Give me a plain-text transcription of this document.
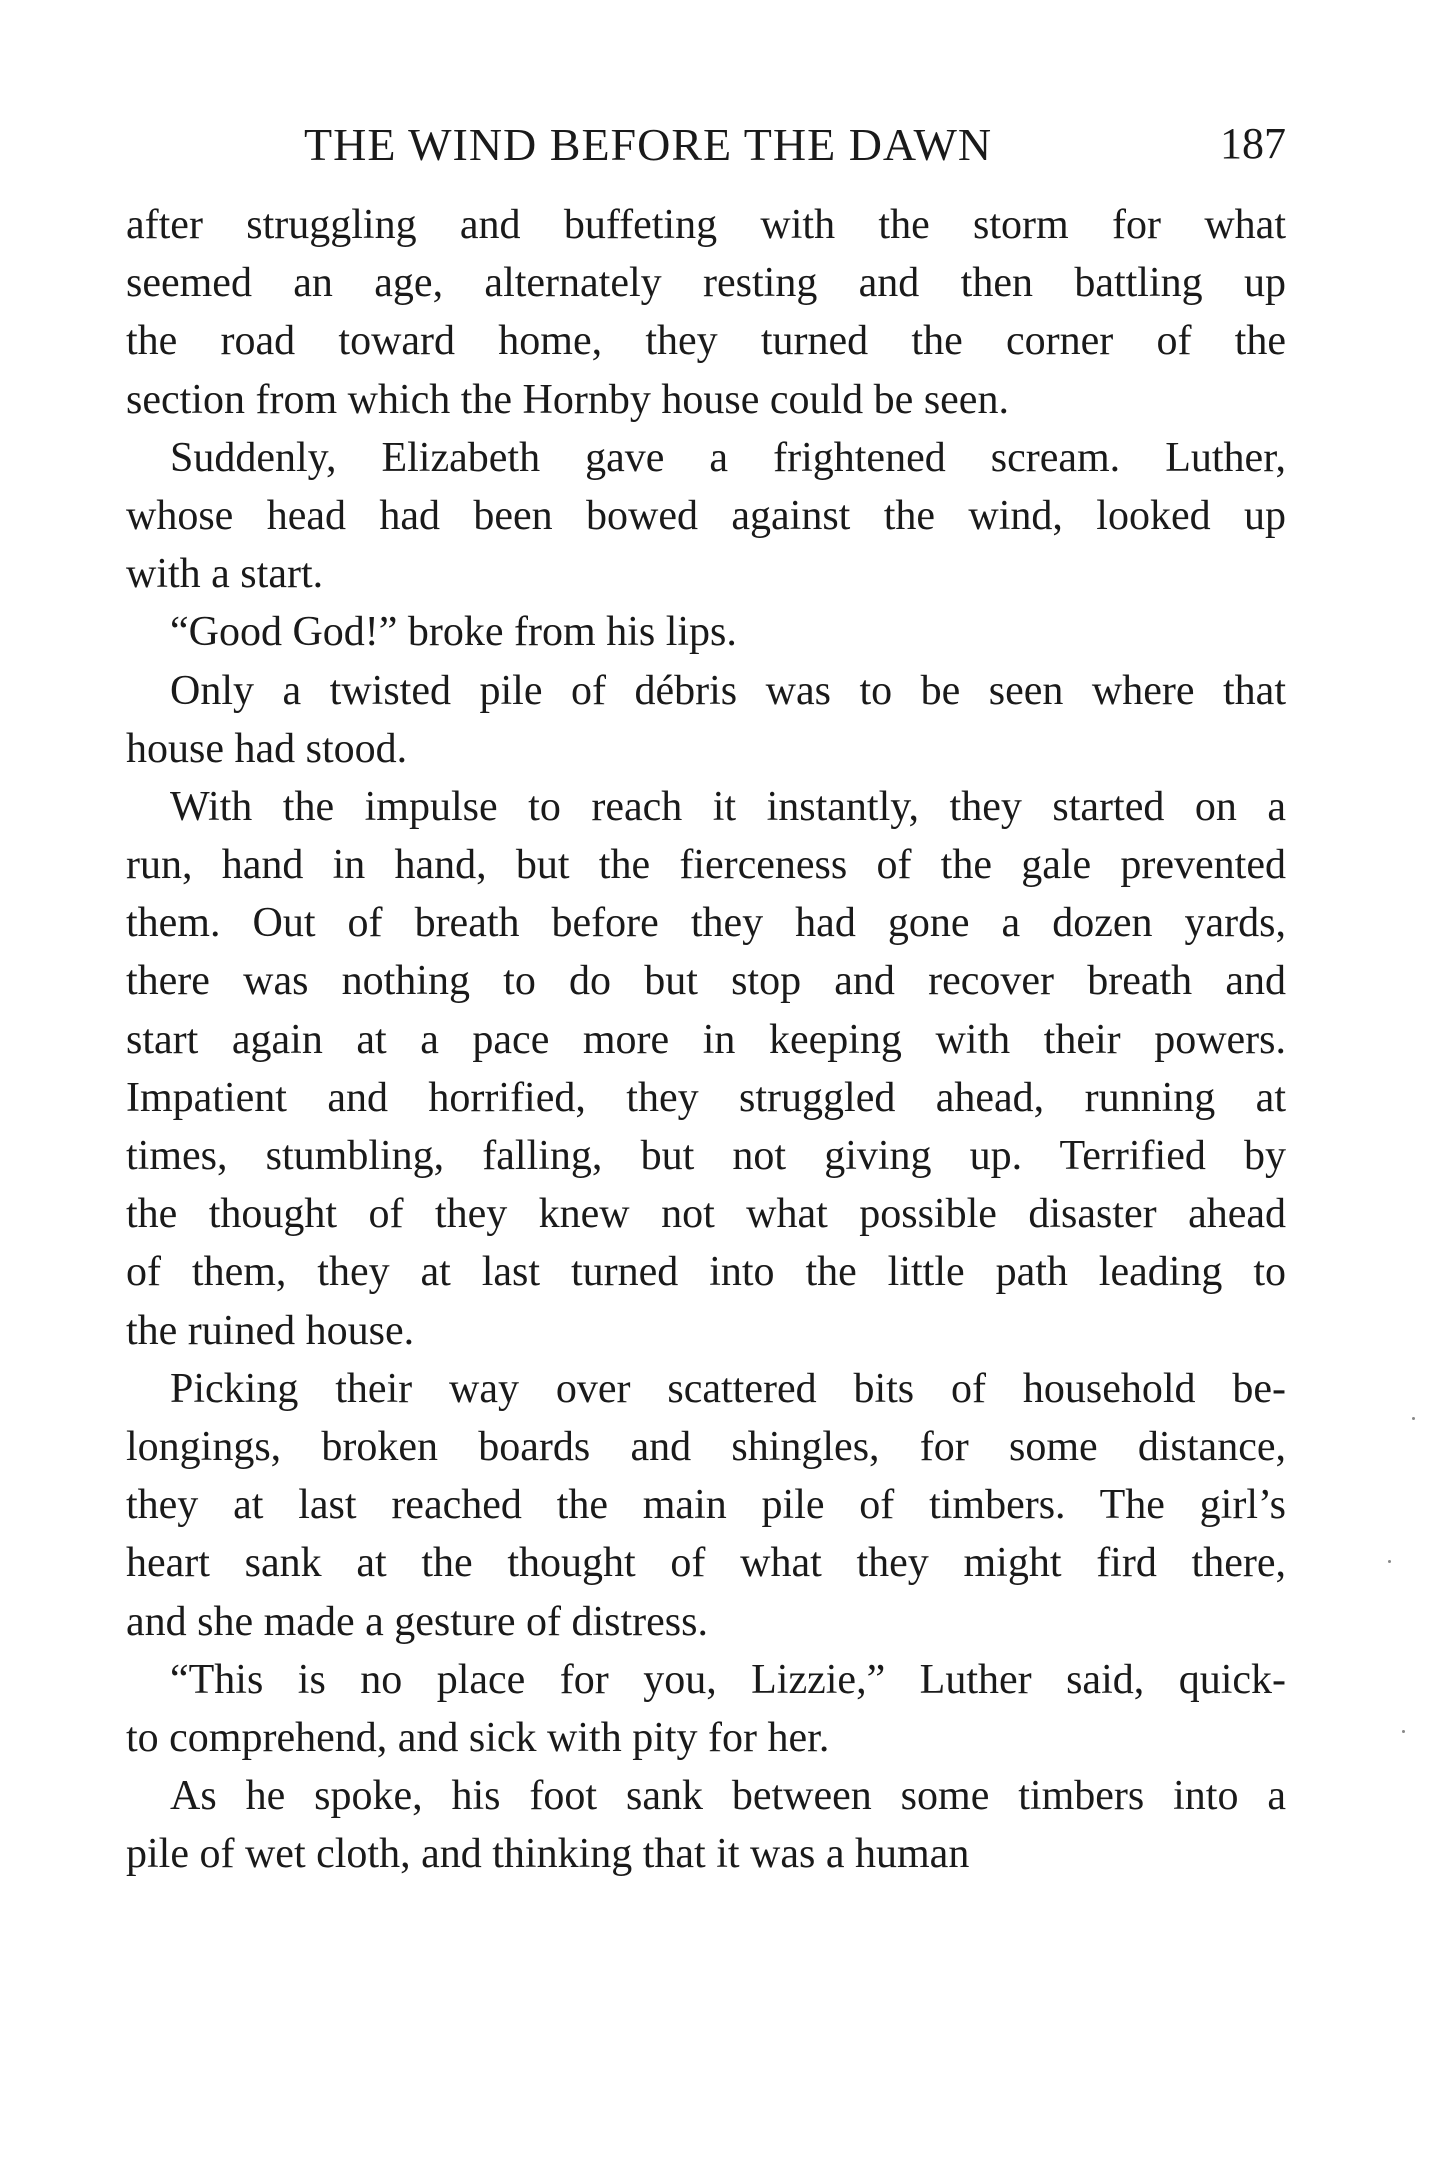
THE WIND BEFORE THE DAWN	187
after struggling and buffeting with the storm for what
seemed an age, alternately resting and then battling up
the road toward home, they turned the corner of the
section from which the Hornby house could be seen.
Suddenly, Elizabeth gave a frightened scream. Luther,
whose head had been bowed against the wind, looked up
with a start.
“Good God!” broke from his lips.
Only a twisted pile of débris was to be seen where that
house had stood.
With the impulse to reach it instantly, they started on a
run, hand in hand, but the fierceness of the gale prevented
them. Out of breath before they had gone a dozen yards,
there was nothing to do but stop and recover breath and
start again at a pace more in keeping with their powers.
Impatient and horrified, they struggled ahead, running at
times, stumbling, falling, but not giving up. Terrified by
the thought of they knew not what possible disaster ahead
of them, they at last turned into the little path leading to
the ruined house.
Picking their way over scattered bits of household be-
longings, broken boards and shingles, for some distance,
they at last reached the main pile of timbers. The girl’s
heart sank at the thought of what they might fird there,
and she made a gesture of distress.
“This is no place for you, Lizzie,” Luther said, quick-
to comprehend, and sick with pity for her.
As he spoke, his foot sank between some timbers into a
pile of wet cloth, and thinking that it was a human
